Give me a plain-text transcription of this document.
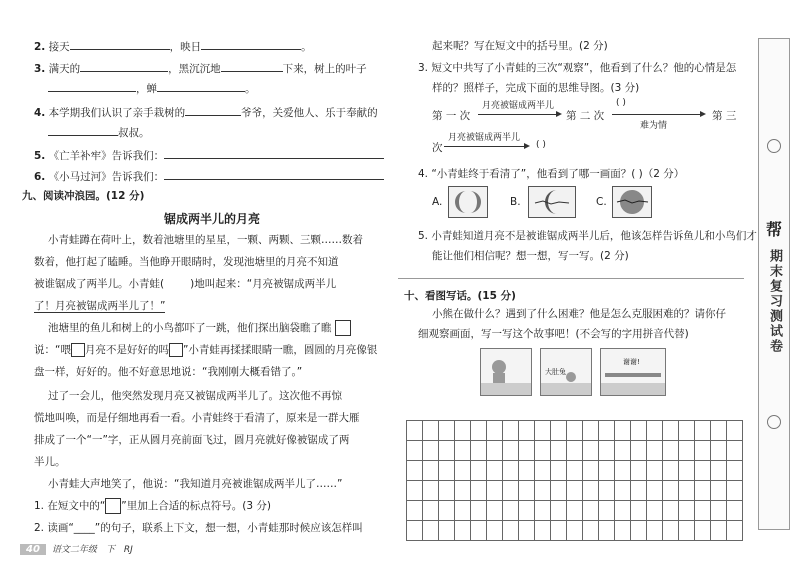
2. 接天	，映日	。
3. 满天的	，黑沉沉地	下来，树上的叶子
，蝉	。
4. 本学期我们认识了亲手栽树的	爷爷，关爱他人、乐于奉献的
叔叔。
5. 《亡羊补牢》告诉我们：
6. 《小马过河》告诉我们：
九、阅读冲浪园。(12 分)
锯成两半儿的月亮
小青蛙蹲在荷叶上，数着池塘里的星星，一颗、两颗、三颗……数着
数着，他打起了瞌睡。当他睁开眼睛时，发现池塘里的月亮不知道
被谁锯成了两半儿。小青蛙( )地叫起来：“月亮被锯成两半儿
了！月亮被锯成两半儿了！”
池塘里的鱼儿和树上的小鸟都吓了一跳，他们探出脑袋瞧了瞧
说：“喂 月亮不是好好的吗 ”小青蛙再揉揉眼睛一瞧，圆圆的月亮像银
盘一样，好好的。他不好意思地说：“我刚刚大概看错了。”
过了一会儿，他突然发现月亮又被锯成两半儿了。这次他不再惊
慌地叫唤，而是仔细地再看一看。小青蛙终于看清了，原来是一群大雁
排成了一个“一”字，正从圆月亮前面飞过，圆月亮就好像被锯成了两
半儿。
小青蛙大声地笑了，他说：“我知道月亮被谁锯成两半儿了……”
1. 在短文中的“ ”里加上合适的标点符号。(3 分)
2. 读画“____”的句子，联系上下文，想一想，小青蛙那时候应该怎样叫
40 语文二年级　下　RJ
起来呢？写在短文中的括号里。(2 分)
3. 短文中共写了小青蛙的三次“观察”，他看到了什么？他的心情是怎
样的？照样子，完成下面的思维导图。(3 分)
第 一 次
月亮被锯成两半儿
第 二 次
( )
难为情
第 三
次
月亮被锯成两半儿
( )
4. “小青蛙终于看清了”，他看到了哪一画面？( )（2 分）
A.	B.	C.
5. 小青蛙知道月亮不是被谁锯成两半儿后，他该怎样告诉鱼儿和小鸟们才
能让他们相信呢？想一想，写一写。(2 分)
十、看图写话。(15 分)
小熊在做什么？遇到了什么困难？他是怎么克服困难的？请你仔
细观察画面，写一写这个故事吧！(不会写的字用拼音代替)
大肚兔
谢谢!
帮
期末复习测试卷
